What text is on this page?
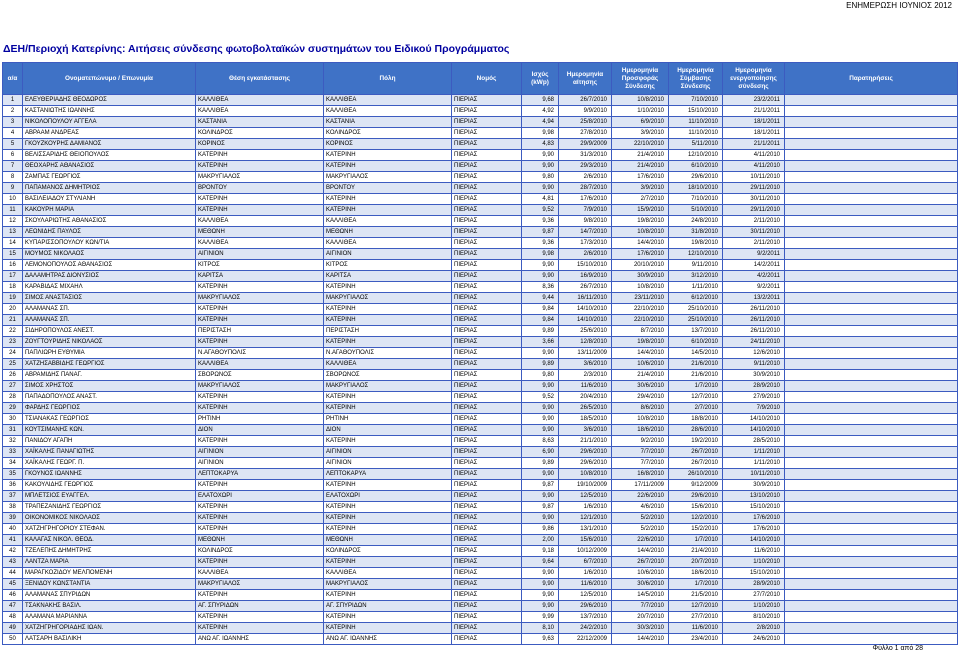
ΕΝΗΜΕΡΩΣΗ ΙΟΥΝΙΟΣ 2012
ΔΕΗ/Περιοχή Κατερίνης: Αιτήσεις σύνδεσης φωτοβολταϊκών συστημάτων του Ειδικού Προγράμματος
α/α	Ονοματεπώνυμο / Επωνυμία	Θέση εγκατάστασης	Πόλη	Νομός	Ισχύς (kWp)	Ημερομηνία αίτησης	Ημερομηνία Προσφοράς Σύνδεσης	Ημερομηνία Σύμβασης Σύνδεσης	Ημερομηνία ενεργοποίησης σύνδεσης	Παρατηρήσεις
1	ΕΛΕΥΘΕΡΙΑΔΗΣ ΘΕΟΔΩΡΟΣ	ΚΑΛΛΙΘΕΑ	ΚΑΛΛΙΘΕΑ	ΠΙΕΡΙΑΣ	9,68	26/7/2010	10/8/2010	7/10/2010	23/2/2011	
2	ΚΑΣΤΑΝΙΩΤΗΣ ΙΩΑΝΝΗΣ	ΚΑΛΛΙΘΕΑ	ΚΑΛΛΙΘΕΑ	ΠΙΕΡΙΑΣ	4,92	9/9/2010	1/10/2010	15/10/2010	21/1/2011	
3	ΝΙΚΟΛΟΠΟΥΛΟΥ ΑΓΓΕΛΑ	ΚΑΣΤΑΝΙΑ	ΚΑΣΤΑΝΙΑ	ΠΙΕΡΙΑΣ	4,94	25/8/2010	6/9/2010	11/10/2010	18/1/2011	
4	ΑΒΡΑΑΜ ΑΝΔΡΕΑΣ	ΚΟΛΙΝΔΡΟΣ	ΚΟΛΙΝΔΡΟΣ	ΠΙΕΡΙΑΣ	9,98	27/8/2010	3/9/2010	11/10/2010	18/1/2011	
5	ΓΚΟΥΖΚΟΥΡΗΣ ΔΑΜΙΑΝΟΣ	ΚΟΡΙΝΟΣ	ΚΟΡΙΝΟΣ	ΠΙΕΡΙΑΣ	4,83	29/9/2009	22/10/2010	5/11/2010	21/1/2011	
6	ΒΕΛΙΣΣΑΡΙΔΗΣ ΘΕΙΟΠΟΥΛΟΣ	ΚΑΤΕΡΙΝΗ	ΚΑΤΕΡΙΝΗ	ΠΙΕΡΙΑΣ	9,90	31/3/2010	21/4/2010	12/10/2010	4/11/2010	
7	ΘΕΟΧΑΡΗΣ ΑΘΑΝΑΣΙΟΣ	ΚΑΤΕΡΙΝΗ	ΚΑΤΕΡΙΝΗ	ΠΙΕΡΙΑΣ	9,90	29/3/2010	21/4/2010	6/10/2010	4/11/2010	
8	ΖΑΜΠΑΣ ΓΕΩΡΓΙΟΣ	ΜΑΚΡΥΓΙΑΛΟΣ	ΜΑΚΡΥΓΙΑΛΟΣ	ΠΙΕΡΙΑΣ	9,80	2/6/2010	17/6/2010	29/6/2010	10/11/2010	
9	ΠΑΠΑΜΑΝΟΣ ΔΗΜΗΤΡΙΟΣ	ΒΡΟΝΤΟΥ	ΒΡΟΝΤΟΥ	ΠΙΕΡΙΑΣ	9,90	28/7/2010	3/9/2010	18/10/2010	29/11/2010	
10	ΒΑΣΙΛΕΙΑΔΟΥ ΣΤΥΛΙΑΝΗ	ΚΑΤΕΡΙΝΗ	ΚΑΤΕΡΙΝΗ	ΠΙΕΡΙΑΣ	4,81	17/6/2010	2/7/2010	7/10/2010	30/11/2010	
11	ΚΑΚΟΥΡΗ ΜΑΡΙΑ	ΚΑΤΕΡΙΝΗ	ΚΑΤΕΡΙΝΗ	ΠΙΕΡΙΑΣ	9,52	7/9/2010	15/9/2010	5/10/2010	29/11/2010	
12	ΣΚΟΥΛΑΡΙΩΤΗΣ ΑΘΑΝΑΣΙΟΣ	ΚΑΛΛΙΘΕΑ	ΚΑΛΛΙΘΕΑ	ΠΙΕΡΙΑΣ	9,36	9/8/2010	19/8/2010	24/8/2010	2/11/2010	
13	ΛΕΩΝΙΔΗΣ ΠΑΥΛΟΣ	ΜΕΘΩΝΗ	ΜΕΘΩΝΗ	ΠΙΕΡΙΑΣ	9,87	14/7/2010	10/8/2010	31/8/2010	30/11/2010	
14	ΚΥΠΑΡΙΣΣΟΠΟΥΛΟΥ ΚΩΝ/ΤΙΑ	ΚΑΛΛΙΘΕΑ	ΚΑΛΛΙΘΕΑ	ΠΙΕΡΙΑΣ	9,36	17/3/2010	14/4/2010	19/8/2010	2/11/2010	
15	ΜΟΥΜΟΣ ΝΙΚΟΛΑΟΣ	ΑΙΓΙΝΙΟΝ	ΑΙΓΙΝΙΟΝ	ΠΙΕΡΙΑΣ	9,98	2/6/2010	17/6/2010	12/10/2010	9/2/2011	
16	ΛΕΜΟΝΟΠΟΥΛΟΣ ΑΘΑΝΑΣΙΟΣ	ΚΙΤΡΟΣ	ΚΙΤΡΟΣ	ΠΙΕΡΙΑΣ	9,90	15/10/2010	20/10/2010	9/11/2010	14/2/2011	
17	ΔΑΛΑΜΗΤΡΑΣ ΔΙΟΝΥΣΙΟΣ	ΚΑΡΙΤΣΑ	ΚΑΡΙΤΣΑ	ΠΙΕΡΙΑΣ	9,90	16/9/2010	30/9/2010	3/12/2010	4/2/2011	
18	ΚΑΡΑΒΙΔΑΣ ΜΙΧΑΗΛ	ΚΑΤΕΡΙΝΗ	ΚΑΤΕΡΙΝΗ	ΠΙΕΡΙΑΣ	8,36	26/7/2010	10/8/2010	1/11/2010	9/2/2011	
19	ΣΙΜΟΣ ΑΝΑΣΤΑΣΙΟΣ	ΜΑΚΡΥΓΙΑΛΟΣ	ΜΑΚΡΥΓΙΑΛΟΣ	ΠΙΕΡΙΑΣ	9,44	16/11/2010	23/11/2010	6/12/2010	13/2/2011	
20	ΑΛΑΜΑΝΑΣ ΣΠ.	ΚΑΤΕΡΙΝΗ	ΚΑΤΕΡΙΝΗ	ΠΙΕΡΙΑΣ	9,84	14/10/2010	22/10/2010	25/10/2010	26/11/2010	
21	ΑΛΑΜΑΝΑΣ ΣΠ.	ΚΑΤΕΡΙΝΗ	ΚΑΤΕΡΙΝΗ	ΠΙΕΡΙΑΣ	9,84	14/10/2010	22/10/2010	25/10/2010	26/11/2010	
22	ΣΙΔΗΡΟΠΟΥΛΟΣ ΑΝΕΣΤ.	ΠΕΡΙΣΤΑΣΗ	ΠΕΡΙΣΤΑΣΗ	ΠΙΕΡΙΑΣ	9,89	25/6/2010	8/7/2010	13/7/2010	26/11/2010	
23	ΖΟΥΓΤΟΥΡΙΔΗΣ ΝΙΚΟΛΑΟΣ	ΚΑΤΕΡΙΝΗ	ΚΑΤΕΡΙΝΗ	ΠΙΕΡΙΑΣ	3,66	12/8/2010	19/8/2010	6/10/2010	24/11/2010	
24	ΠΑΠΛΙΩΡΗ ΕΥΘΥΜΙΑ	Ν.ΑΓΑΘΟΥΠΟΛΙΣ	Ν.ΑΓΑΘΟΥΠΟΛΙΣ	ΠΙΕΡΙΑΣ	9,90	13/11/2009	14/4/2010	14/5/2010	12/6/2010	
25	ΧΑΤΖΗΣΑΒΒΙΔΗΣ ΓΕΩΡΓΙΟΣ	ΚΑΛΛΙΘΕΑ	ΚΑΛΛΙΘΕΑ	ΠΙΕΡΙΑΣ	9,89	3/6/2010	10/6/2010	21/6/2010	9/11/2010	
26	ΑΒΡΑΜΙΔΗΣ ΠΑΝΑΓ.	ΣΒΟΡΩΝΟΣ	ΣΒΟΡΩΝΟΣ	ΠΙΕΡΙΑΣ	9,80	2/3/2010	21/4/2010	21/6/2010	30/9/2010	
27	ΣΙΜΟΣ ΧΡΗΣΤΟΣ	ΜΑΚΡΥΓΙΑΛΟΣ	ΜΑΚΡΥΓΙΑΛΟΣ	ΠΙΕΡΙΑΣ	9,90	11/6/2010	30/6/2010	1/7/2010	28/9/2010	
28	ΠΑΠΑΔΟΠΟΥΛΟΣ ΑΝΑΣΤ.	ΚΑΤΕΡΙΝΗ	ΚΑΤΕΡΙΝΗ	ΠΙΕΡΙΑΣ	9,52	20/4/2010	29/4/2010	12/7/2010	27/9/2010	
29	ΦΑΡΔΗΣ ΓΕΩΡΓΙΟΣ	ΚΑΤΕΡΙΝΗ	ΚΑΤΕΡΙΝΗ	ΠΙΕΡΙΑΣ	9,90	26/5/2010	8/6/2010	2/7/2010	7/9/2010	
30	ΤΣΙΑΝΑΚΑΣ ΓΕΩΡΓΙΟΣ	ΡΗΤΙΝΗ	ΡΗΤΙΝΗ	ΠΙΕΡΙΑΣ	9,90	18/5/2010	10/8/2010	18/8/2010	14/10/2010	
31	ΚΟΥΤΣΙΜΑΝΗΣ ΚΩΝ.	ΔΙΟΝ	ΔΙΟΝ	ΠΙΕΡΙΑΣ	9,90	3/6/2010	18/6/2010	28/6/2010	14/10/2010	
32	ΠΑΝΙΔΟΥ ΑΓΑΠΗ	ΚΑΤΕΡΙΝΗ	ΚΑΤΕΡΙΝΗ	ΠΙΕΡΙΑΣ	8,63	21/1/2010	9/2/2010	19/2/2010	28/5/2010	
33	ΧΑΪΚΑΛΗΣ ΠΑΝΑΓΙΩΤΗΣ	ΑΙΓΙΝΙΟΝ	ΑΙΓΙΝΙΟΝ	ΠΙΕΡΙΑΣ	6,90	29/6/2010	7/7/2010	26/7/2010	1/11/2010	
34	ΧΑΪΚΑΛΗΣ ΓΕΩΡΓ. Π.	ΑΙΓΙΝΙΟΝ	ΑΙΓΙΝΙΟΝ	ΠΙΕΡΙΑΣ	9,89	29/6/2010	7/7/2010	26/7/2010	1/11/2010	
35	ΓΚΟΥΝΟΣ ΙΩΑΝΝΗΣ	ΛΕΠΤΟΚΑΡΥΑ	ΛΕΠΤΟΚΑΡΥΑ	ΠΙΕΡΙΑΣ	9,90	10/8/2010	16/8/2010	26/10/2010	10/11/2010	
36	ΚΑΚΟΥΛΙΔΗΣ ΓΕΩΡΓΙΟΣ	ΚΑΤΕΡΙΝΗ	ΚΑΤΕΡΙΝΗ	ΠΙΕΡΙΑΣ	9,87	19/10/2009	17/11/2009	9/12/2009	30/9/2010	
37	ΜΠΛΕΤΣΙΟΣ ΕΥΑΓΓΕΛ.	ΕΛΑΤΟΧΩΡΙ	ΕΛΑΤΟΧΩΡΙ	ΠΙΕΡΙΑΣ	9,90	12/5/2010	22/6/2010	29/6/2010	13/10/2010	
38	ΤΡΑΠΕΖΑΝΙΔΗΣ ΓΕΩΡΓΙΟΣ	ΚΑΤΕΡΙΝΗ	ΚΑΤΕΡΙΝΗ	ΠΙΕΡΙΑΣ	9,87	1/6/2010	4/6/2010	15/6/2010	15/10/2010	
39	ΟΙΚΟΝΟΜΙΚΟΣ ΝΙΚΟΛΑΟΣ	ΚΑΤΕΡΙΝΗ	ΚΑΤΕΡΙΝΗ	ΠΙΕΡΙΑΣ	9,90	12/1/2010	5/2/2010	12/2/2010	17/6/2010	
40	ΧΑΤΖΗΓΡΗΓΟΡΙΟΥ ΣΤΕΦΑΝ.	ΚΑΤΕΡΙΝΗ	ΚΑΤΕΡΙΝΗ	ΠΙΕΡΙΑΣ	9,86	13/1/2010	5/2/2010	15/2/2010	17/6/2010	
41	ΚΑΛΑΓΑΣ ΝΙΚΟΛ. ΘΕΟΔ.	ΜΕΘΩΝΗ	ΜΕΘΩΝΗ	ΠΙΕΡΙΑΣ	2,00	15/6/2010	22/6/2010	1/7/2010	14/10/2010	
42	ΤΖΕΛΕΠΗΣ ΔΗΜΗΤΡΗΣ	ΚΟΛΙΝΔΡΟΣ	ΚΟΛΙΝΔΡΟΣ	ΠΙΕΡΙΑΣ	9,18	10/12/2009	14/4/2010	21/4/2010	11/6/2010	
43	ΛΑΝΤΖΑ ΜΑΡΙΑ	ΚΑΤΕΡΙΝΗ	ΚΑΤΕΡΙΝΗ	ΠΙΕΡΙΑΣ	9,64	6/7/2010	26/7/2010	20/7/2010	1/10/2010	
44	ΜΑΡΑΓΚΟΖΙΔΟΥ ΜΕΛΠΟΜΕΝΗ	ΚΑΛΛΙΘΕΑ	ΚΑΛΛΙΘΕΑ	ΠΙΕΡΙΑΣ	9,90	1/6/2010	10/6/2010	18/6/2010	15/10/2010	
45	ΞΕΝΙΔΟΥ ΚΩΝΣΤΑΝΤΙΑ	ΜΑΚΡΥΓΙΑΛΟΣ	ΜΑΚΡΥΓΙΑΛΟΣ	ΠΙΕΡΙΑΣ	9,90	11/6/2010	30/6/2010	1/7/2010	28/9/2010	
46	ΑΛΑΜΑΝΑΣ ΣΠΥΡΙΔΩΝ	ΚΑΤΕΡΙΝΗ	ΚΑΤΕΡΙΝΗ	ΠΙΕΡΙΑΣ	9,90	12/5/2010	14/5/2010	21/5/2010	27/7/2010	
47	ΤΣΑΚΝΑΚΗΣ ΒΑΣΙΛ.	ΑΓ. ΣΠΥΡΙΔΩΝ	ΑΓ. ΣΠΥΡΙΔΩΝ	ΠΙΕΡΙΑΣ	9,90	29/6/2010	7/7/2010	12/7/2010	1/10/2010	
48	ΑΛΑΜΑΝΑ ΜΑΡΙΑΝΝΑ	ΚΑΤΕΡΙΝΗ	ΚΑΤΕΡΙΝΗ	ΠΙΕΡΙΑΣ	9,99	13/7/2010	20/7/2010	27/7/2010	8/10/2010	
49	ΧΑΤΖΗΓΡΗΓΟΡΙΑΔΗΣ ΙΩΑΝ.	ΚΑΤΕΡΙΝΗ	ΚΑΤΕΡΙΝΗ	ΠΙΕΡΙΑΣ	8,10	24/2/2010	30/3/2010	11/6/2010	2/8/2010	
50	ΛΑΤΣΑΡΗ ΒΑΣΙΛΙΚΗ	ΑΝΩ ΑΓ. ΙΩΑΝΝΗΣ	ΑΝΩ ΑΓ. ΙΩΑΝΝΗΣ	ΠΙΕΡΙΑΣ	9,63	22/12/2009	14/4/2010	23/4/2010	24/6/2010	
Φύλλο 1 από 28
